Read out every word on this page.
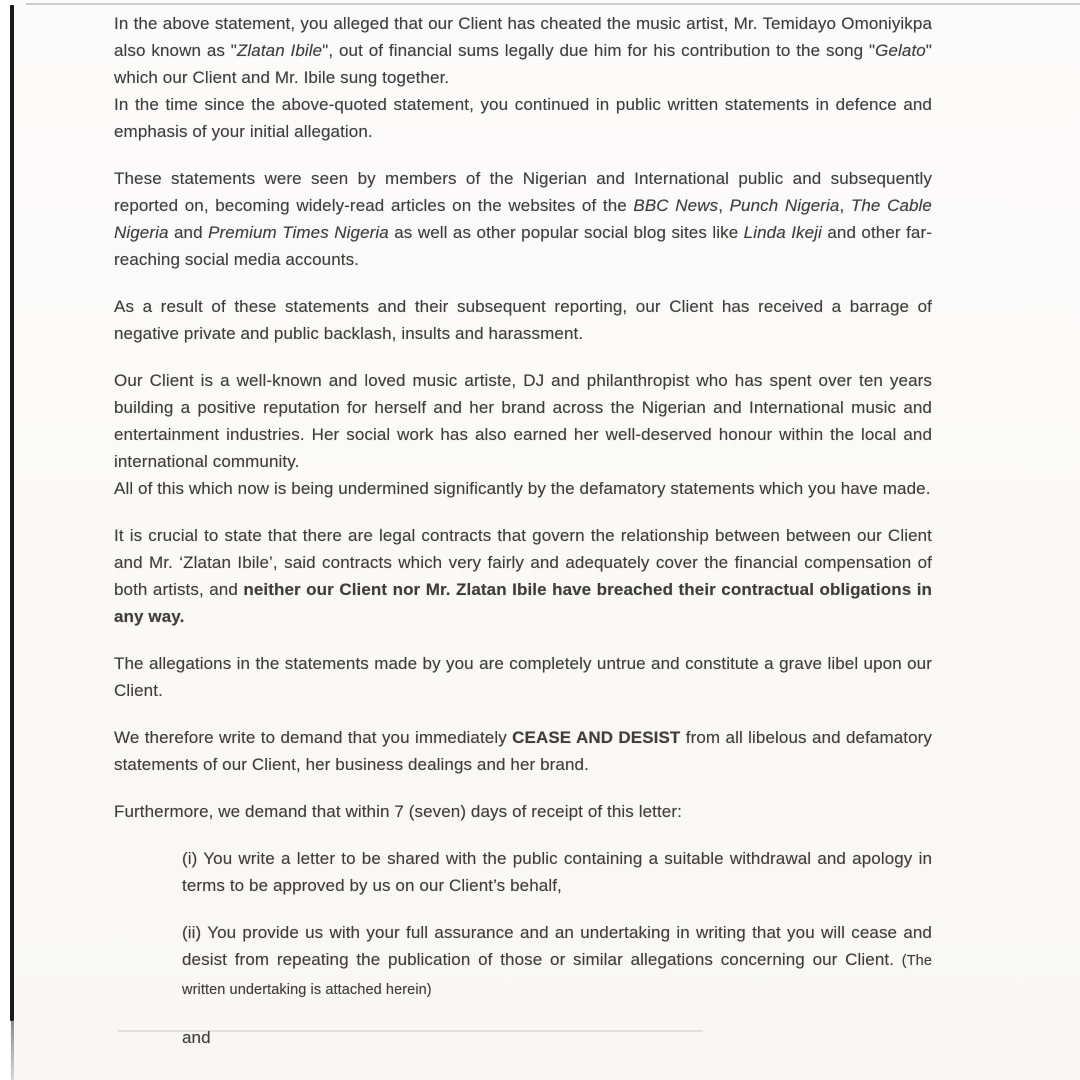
In the above statement, you alleged that our Client has cheated the music artist, Mr. Temidayo Omoniyikpa also known as "Zlatan Ibile", out of financial sums legally due him for his contribution to the song "Gelato" which our Client and Mr. Ibile sung together.

In the time since the above-quoted statement, you continued in public written statements in defence and emphasis of your initial allegation.

These statements were seen by members of the Nigerian and International public and subsequently reported on, becoming widely-read articles on the websites of the BBC News, Punch Nigeria, The Cable Nigeria and Premium Times Nigeria as well as other popular social blog sites like Linda Ikeji and other far-reaching social media accounts.

As a result of these statements and their subsequent reporting, our Client has received a barrage of negative private and public backlash, insults and harassment.

Our Client is a well-known and loved music artiste, DJ and philanthropist who has spent over ten years building a positive reputation for herself and her brand across the Nigerian and International music and entertainment industries. Her social work has also earned her well-deserved honour within the local and international community.

All of this which now is being undermined significantly by the defamatory statements which you have made.

It is crucial to state that there are legal contracts that govern the relationship between between our Client and Mr. ‘Zlatan Ibile’, said contracts which very fairly and adequately cover the financial compensation of both artists, and neither our Client nor Mr. Zlatan Ibile have breached their contractual obligations in any way.

The allegations in the statements made by you are completely untrue and constitute a grave libel upon our Client.

We therefore write to demand that you immediately CEASE AND DESIST from all libelous and defamatory statements of our Client, her business dealings and her brand.

Furthermore, we demand that within 7 (seven) days of receipt of this letter:

(i) You write a letter to be shared with the public containing a suitable withdrawal and apology in terms to be approved by us on our Client’s behalf,

(ii) You provide us with your full assurance and an undertaking in writing that you will cease and desist from repeating the publication of those or similar allegations concerning our Client. (The written undertaking is attached herein)

and
